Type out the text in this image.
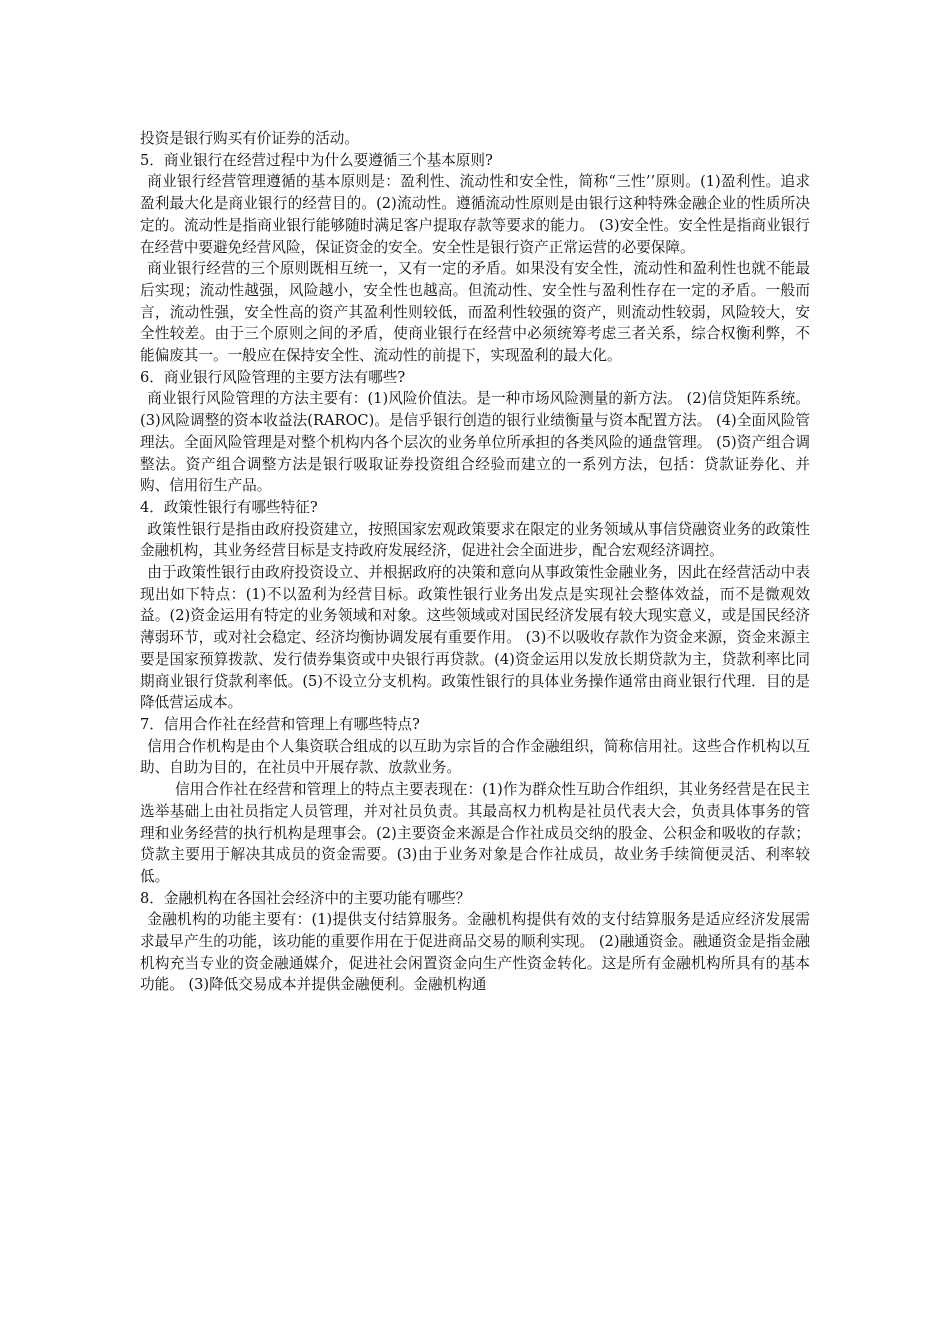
投资是银行购买有价证券的活动。

5．商业银行在经营过程中为什么要遵循三个基本原则?

商业银行经营管理遵循的基本原则是：盈利性、流动性和安全性，简称“三性’’原则。(1)盈利性。追求盈利最大化是商业银行的经营目的。(2)流动性。遵循流动性原则是由银行这种特殊金融企业的性质所决定的。流动性是指商业银行能够随时满足客户提取存款等要求的能力。 (3)安全性。安全性是指商业银行在经营中要避免经营风险，保证资金的安全。安全性是银行资产正常运营的必要保障。

商业银行经营的三个原则既相互统一，又有一定的矛盾。如果没有安全性，流动性和盈利性也就不能最后实现；流动性越强，风险越小，安全性也越高。但流动性、安全性与盈利性存在一定的矛盾。一般而言，流动性强，安全性高的资产其盈利性则较低，而盈利性较强的资产，则流动性较弱，风险较大，安全性较差。由于三个原则之间的矛盾，使商业银行在经营中必须统筹考虑三者关系，综合权衡利弊，不能偏废其一。一般应在保持安全性、流动性的前提下，实现盈利的最大化。

6．商业银行风险管理的主要方法有哪些?

商业银行风险管理的方法主要有：(1)风险价值法。是一种市场风险测量的新方法。 (2)信贷矩阵系统。 (3)风险调整的资本收益法(RAROC)。是信乎银行创造的银行业绩衡量与资本配置方法。 (4)全面风险管理法。全面风险管理是对整个机构内各个层次的业务单位所承担的各类风险的通盘管理。 (5)资产组合调整法。资产组合调整方法是银行吸取证券投资组合经验而建立的一系列方法，包括：贷款证券化、并购、信用衍生产品。

4．政策性银行有哪些特征?

政策性银行是指由政府投资建立，按照国家宏观政策要求在限定的业务领域从事信贷融资业务的政策性金融机构，其业务经营目标是支持政府发展经济，促进社会全面进步，配合宏观经济调控。

由于政策性银行由政府投资设立、并根据政府的决策和意向从事政策性金融业务，因此在经营活动中表现出如下特点：(1)不以盈利为经营目标。政策性银行业务出发点是实现社会整体效益，而不是微观效益。(2)资金运用有特定的业务领域和对象。这些领域或对国民经济发展有较大现实意义，或是国民经济薄弱环节，或对社会稳定、经济均衡协调发展有重要作用。 (3)不以吸收存款作为资金来源，资金来源主要是国家预算拨款、发行债券集资或中央银行再贷款。(4)资金运用以发放长期贷款为主，贷款利率比同期商业银行贷款利率低。(5)不设立分支机构。政策性银行的具体业务操作通常由商业银行代理．目的是降低营运成本。

7．信用合作社在经营和管理上有哪些特点?

信用合作机构是由个人集资联合组成的以互助为宗旨的合作金融组织，简称信用社。这些合作机构以互助、自助为目的，在社员中开展存款、放款业务。

信用合作社在经营和管理上的特点主要表现在：(1)作为群众性互助合作组织，其业务经营是在民主选举基础上由社员指定人员管理，并对社员负责。其最高权力机构是社员代表大会，负责具体事务的管理和业务经营的执行机构是理事会。(2)主要资金来源是合作社成员交纳的股金、公积金和吸收的存款；贷款主要用于解决其成员的资金需要。(3)由于业务对象是合作社成员，故业务手续简便灵活、利率较低。

8．金融机构在各国社会经济中的主要功能有哪些？

金融机构的功能主要有：(1)提供支付结算服务。金融机构提供有效的支付结算服务是适应经济发展需求最早产生的功能，该功能的重要作用在于促进商品交易的顺利实现。 (2)融通资金。融通资金是指金融机构充当专业的资金融通媒介，促进社会闲置资金向生产性资金转化。这是所有金融机构所具有的基本功能。 (3)降低交易成本并提供金融便利。金融机构通
